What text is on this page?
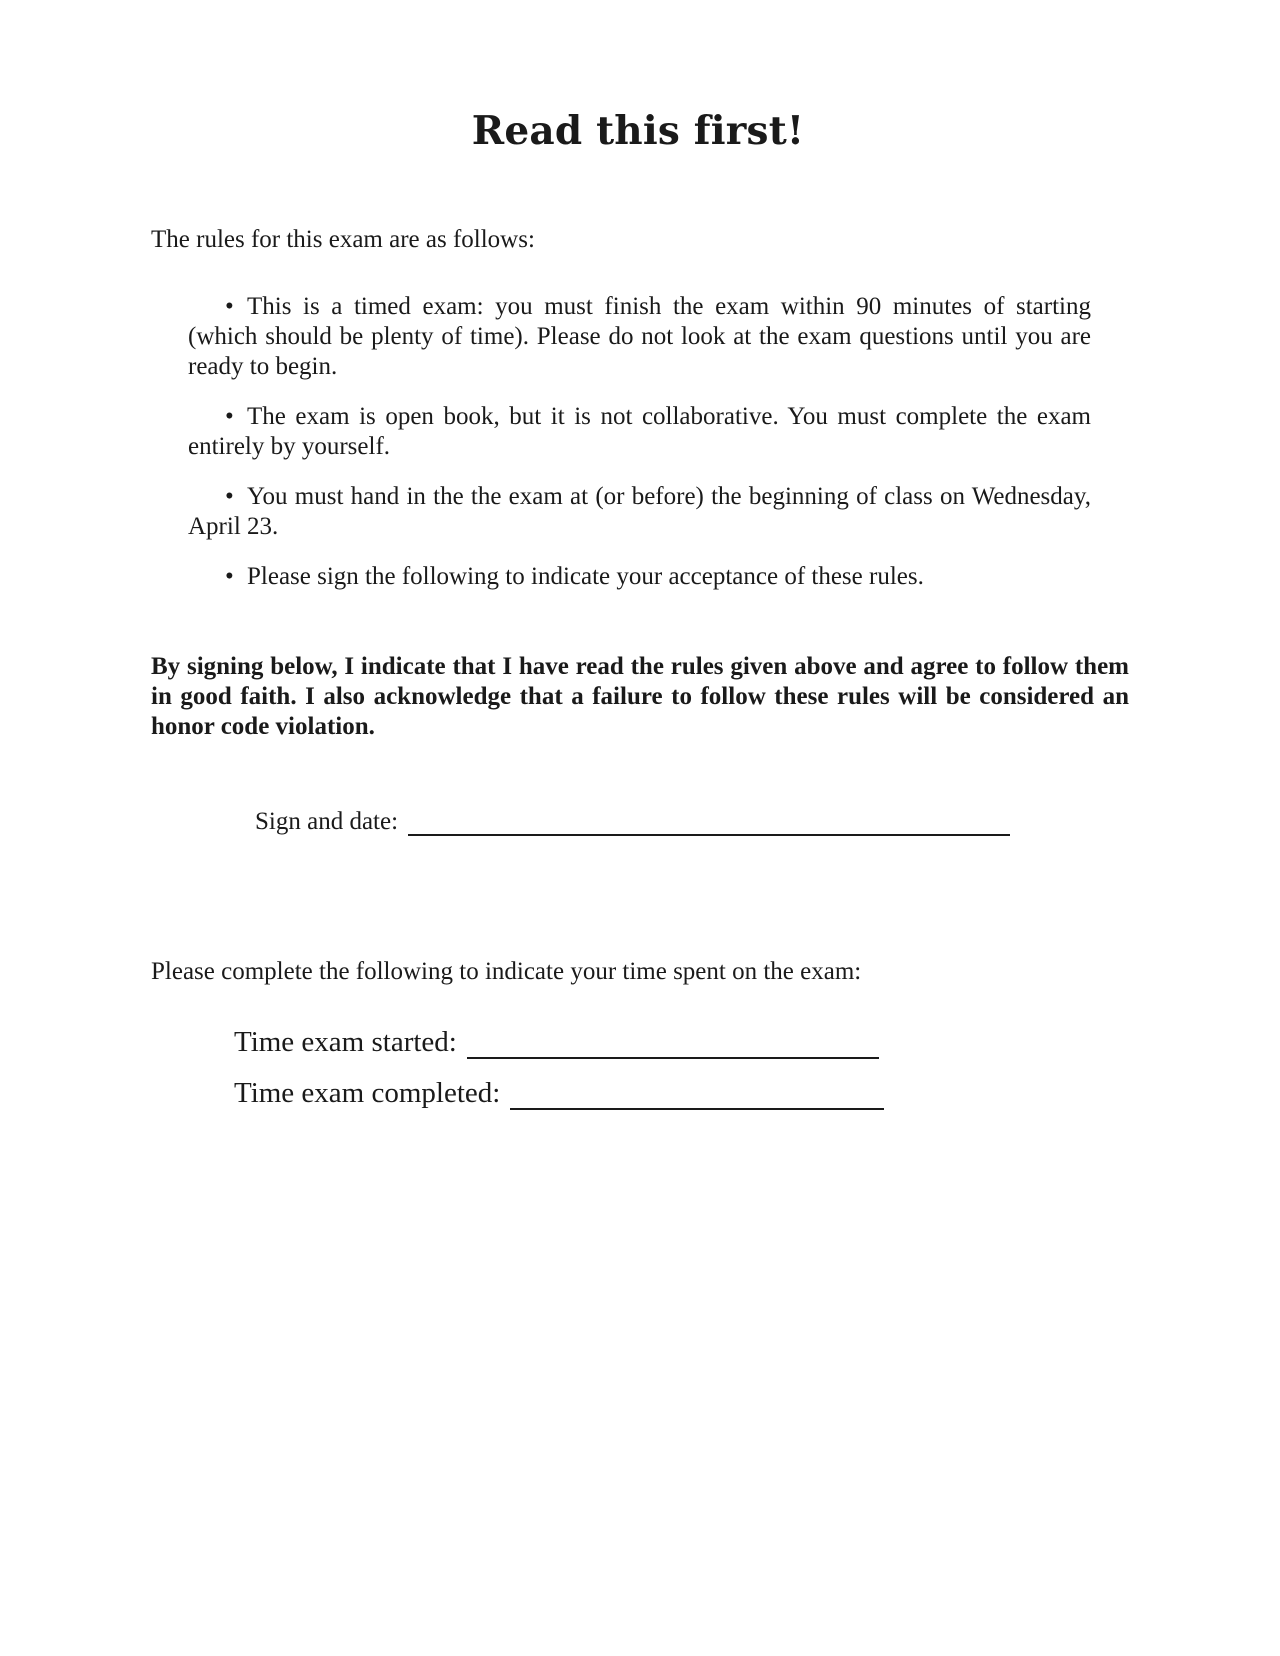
Read this first!

The rules for this exam are as follows:

• This is a timed exam: you must finish the exam within 90 minutes of starting (which should be plenty of time). Please do not look at the exam questions until you are ready to begin.
• The exam is open book, but it is not collaborative. You must complete the exam entirely by yourself.
• You must hand in the the exam at (or before) the beginning of class on Wednesday, April 23.
• Please sign the following to indicate your acceptance of these rules.

By signing below, I indicate that I have read the rules given above and agree to follow them in good faith. I also acknowledge that a failure to follow these rules will be considered an honor code violation.

Sign and date:

Please complete the following to indicate your time spent on the exam:

Time exam started:
Time exam completed:
